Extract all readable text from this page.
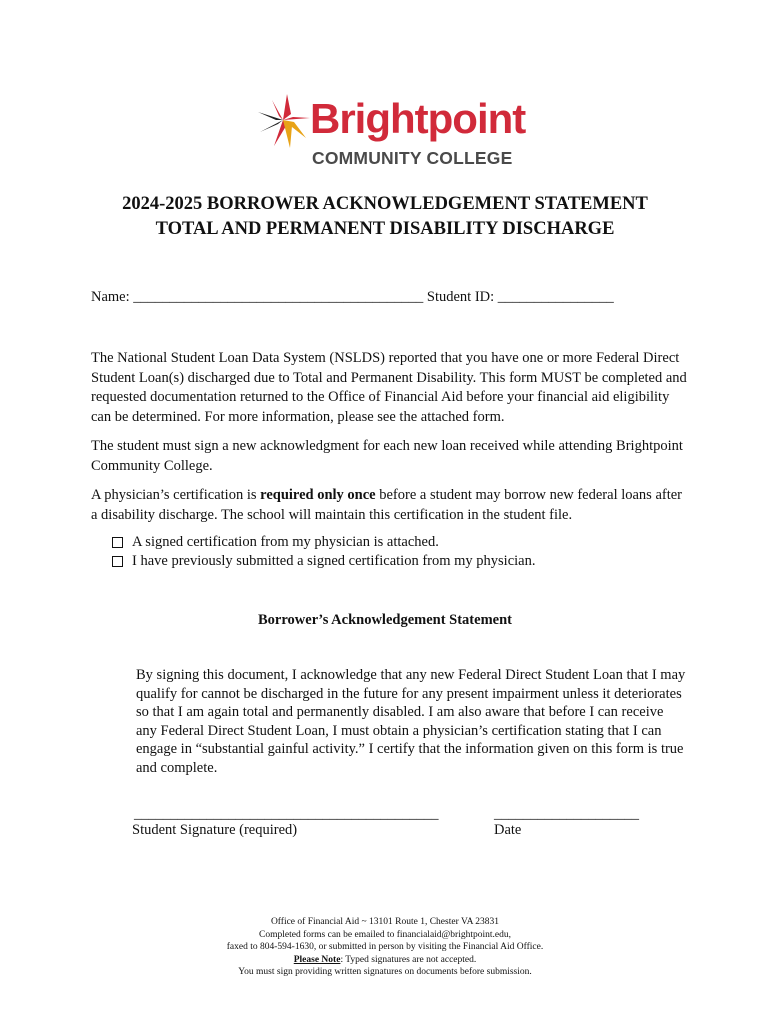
Brightpoint
COMMUNITY COLLEGE
2024-2025 BORROWER ACKNOWLEDGEMENT STATEMENT
TOTAL AND PERMANENT DISABILITY DISCHARGE
Name: ________________________________________ Student ID: ________________

The National Student Loan Data System (NSLDS) reported that you have one or more Federal Direct Student Loan(s) discharged due to Total and Permanent Disability. This form MUST be completed and requested documentation returned to the Office of Financial Aid before your financial aid eligibility can be determined. For more information, please see the attached form.

The student must sign a new acknowledgment for each new loan received while attending Brightpoint Community College.

A physician’s certification is required only once before a student may borrow new federal loans after a disability discharge. The school will maintain this certification in the student file.

A signed certification from my physician is attached.
I have previously submitted a signed certification from my physician.
Borrower’s Acknowledgement Statement

By signing this document, I acknowledge that any new Federal Direct Student Loan that I may qualify for cannot be discharged in the future for any present impairment unless it deteriorates so that I am again total and permanently disabled. I am also aware that before I can receive any Federal Direct Student Loan, I must obtain a physician’s certification stating that I can engage in “substantial gainful activity.” I certify that the information given on this form is true and complete.

__________________________________________	____________________
Student Signature (required)	Date
Office of Financial Aid ~ 13101 Route 1, Chester VA 23831
Completed forms can be emailed to financialaid@brightpoint.edu,
faxed to 804-594-1630, or submitted in person by visiting the Financial Aid Office.
Please Note: Typed signatures are not accepted.
You must sign providing written signatures on documents before submission.
